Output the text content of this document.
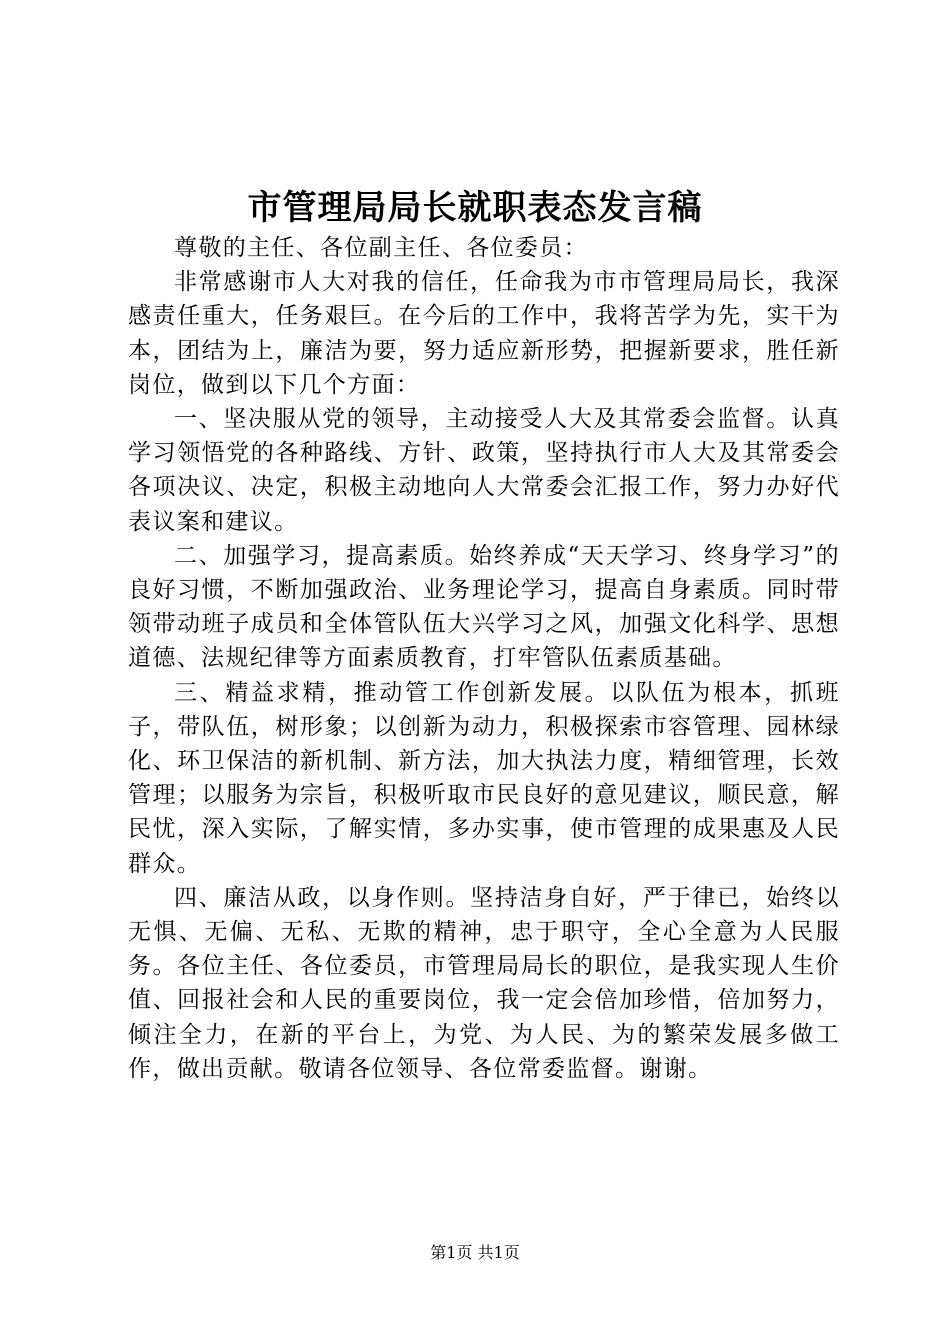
市管理局局长就职表态发言稿

尊敬的主任、各位副主任、各位委员：

非常感谢市人大对我的信任，任命我为市市管理局局长，我深感责任重大，任务艰巨。在今后的工作中，我将苦学为先，实干为本，团结为上，廉洁为要，努力适应新形势，把握新要求，胜任新岗位，做到以下几个方面：

一、坚决服从党的领导，主动接受人大及其常委会监督。认真学习领悟党的各种路线、方针、政策，坚持执行市人大及其常委会各项决议、决定，积极主动地向人大常委会汇报工作，努力办好代表议案和建议。

二、加强学习，提高素质。始终养成“天天学习、终身学习”的良好习惯，不断加强政治、业务理论学习，提高自身素质。同时带领带动班子成员和全体管队伍大兴学习之风，加强文化科学、思想道德、法规纪律等方面素质教育，打牢管队伍素质基础。

三、精益求精，推动管工作创新发展。以队伍为根本，抓班子，带队伍，树形象；以创新为动力，积极探索市容管理、园林绿化、环卫保洁的新机制、新方法，加大执法力度，精细管理，长效管理；以服务为宗旨，积极听取市民良好的意见建议，顺民意，解民忧，深入实际，了解实情，多办实事，使市管理的成果惠及人民群众。

四、廉洁从政，以身作则。坚持洁身自好，严于律已，始终以无惧、无偏、无私、无欺的精神，忠于职守，全心全意为人民服务。各位主任、各位委员，市管理局局长的职位，是我实现人生价值、回报社会和人民的重要岗位，我一定会倍加珍惜，倍加努力，倾注全力，在新的平台上，为党、为人民、为的繁荣发展多做工作，做出贡献。敬请各位领导、各位常委监督。谢谢。

第1页 共1页
